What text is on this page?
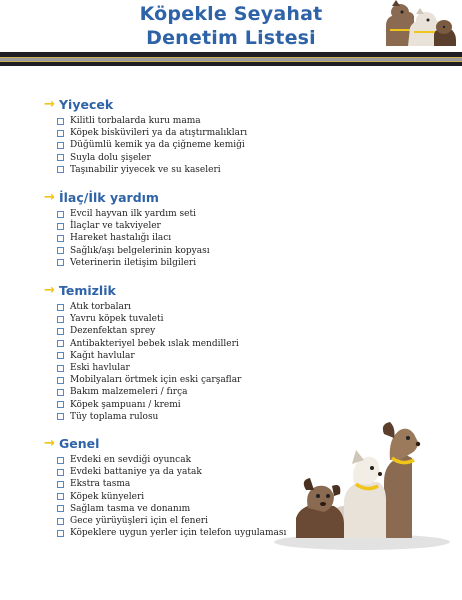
Köpekle Seyahat
Denetim Listesi
→ Yiyecek
Kilitli torbalarda kuru mama
Köpek bisküvileri ya da atıştırmalıkları
Düğümlü kemik ya da çiğneme kemiği
Suyla dolu şişeler
Taşınabilir yiyecek ve su kaseleri
→ İlaç/İlk yardım
Evcil hayvan ilk yardım seti
İlaçlar ve takviyeler
Hareket hastalığı ilacı
Sağlık/aşı belgelerinin kopyası
Veterinerin iletişim bilgileri
→ Temizlik
Atık torbaları
Yavru köpek tuvaleti
Dezenfektan sprey
Antibakteriyel bebek ıslak mendilleri
Kağıt havlular
Eski havlular
Mobilyaları örtmek için eski çarşaflar
Bakım malzemeleri / fırça
Köpek şampuanı / kremi
Tüy toplama rulosu
→ Genel
Evdeki en sevdiği oyuncak
Evdeki battaniye ya da yatak
Ekstra tasma
Köpek künyeleri
Sağlam tasma ve donanım
Gece yürüyüşleri için el feneri
Köpeklere uygun yerler için telefon uygulaması
